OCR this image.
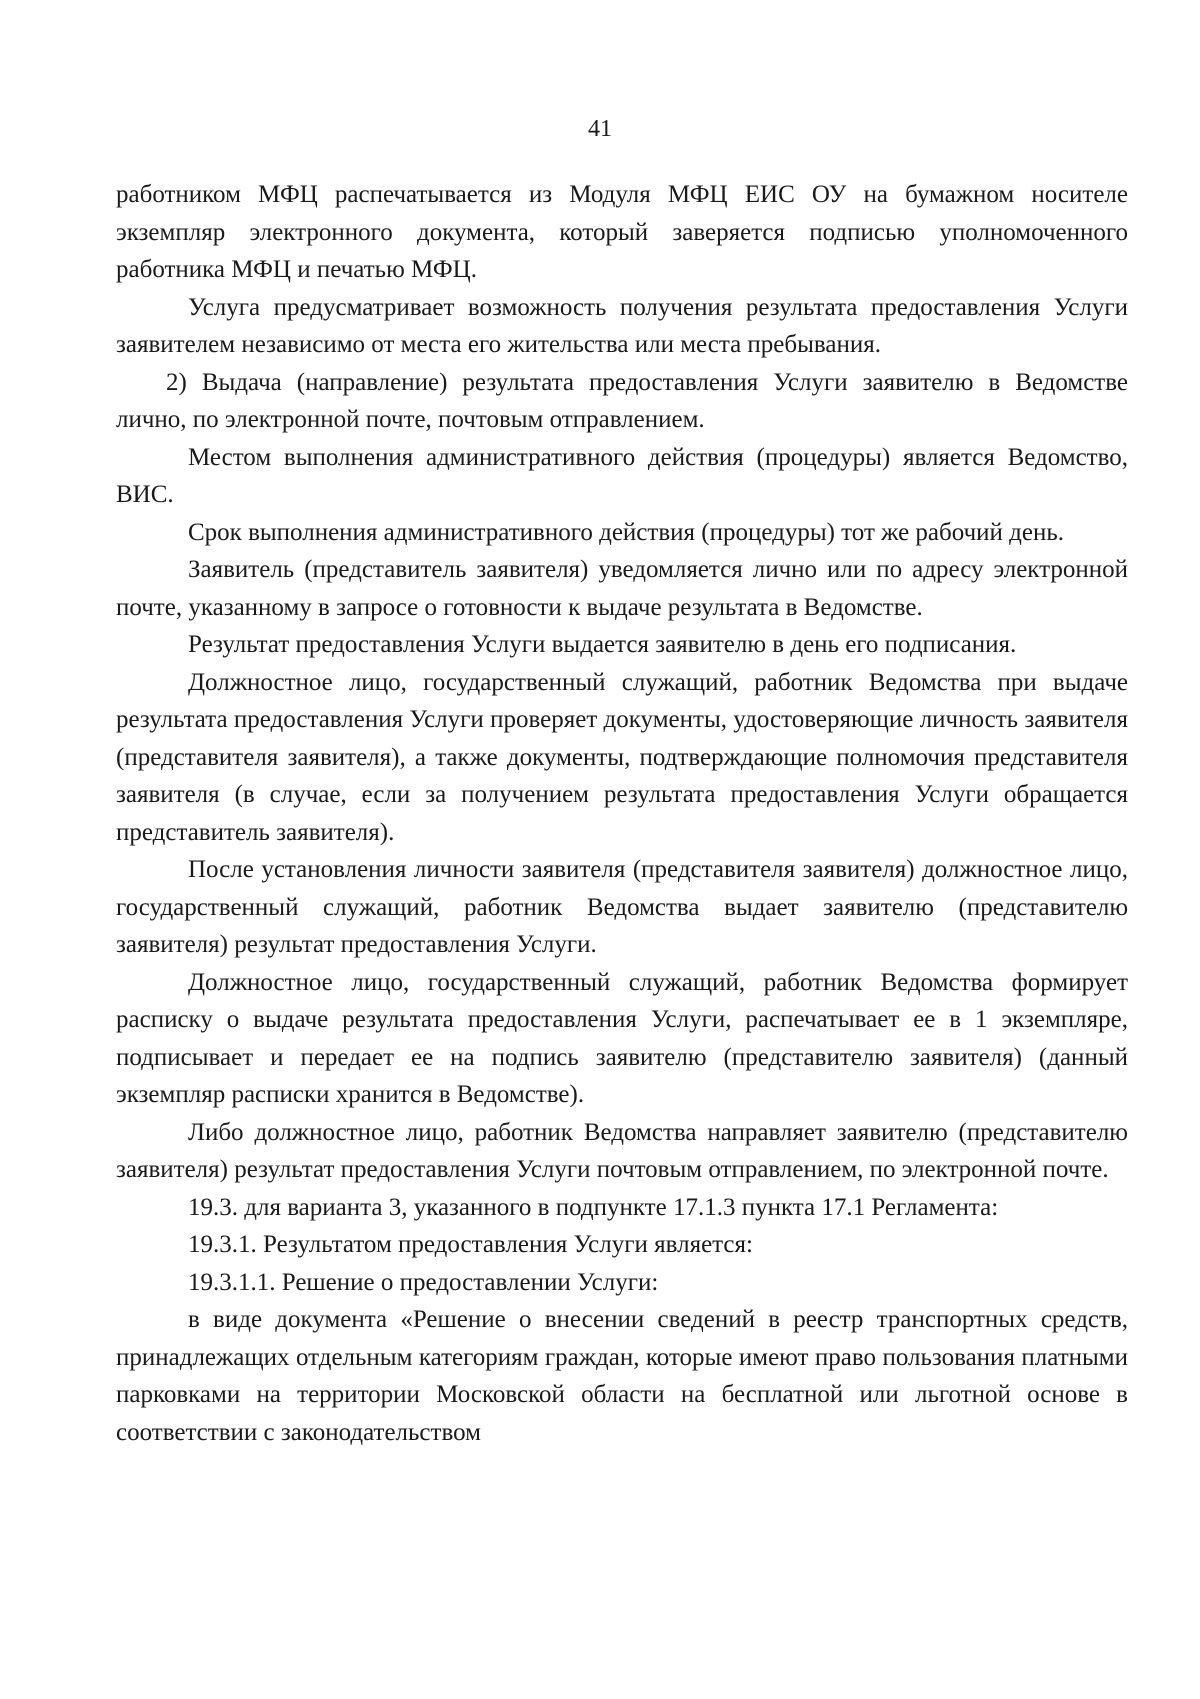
41

работником МФЦ распечатывается из Модуля МФЦ ЕИС ОУ на бумажном носителе экземпляр электронного документа, который заверяется подписью уполномоченного работника МФЦ и печатью МФЦ.

Услуга предусматривает возможность получения результата предоставления Услуги заявителем независимо от места его жительства или места пребывания.

2) Выдача (направление) результата предоставления Услуги заявителю в Ведомстве лично, по электронной почте, почтовым отправлением.

Местом выполнения административного действия (процедуры) является Ведомство, ВИС.

Срок выполнения административного действия (процедуры) тот же рабочий день.

Заявитель (представитель заявителя) уведомляется лично или по адресу электронной почте, указанному в запросе о готовности к выдаче результата в Ведомстве.

Результат предоставления Услуги выдается заявителю в день его подписания.

Должностное лицо, государственный служащий, работник Ведомства при выдаче результата предоставления Услуги проверяет документы, удостоверяющие личность заявителя (представителя заявителя), а также документы, подтверждающие полномочия представителя заявителя (в случае, если за получением результата предоставления Услуги обращается представитель заявителя).

После установления личности заявителя (представителя заявителя) должностное лицо, государственный служащий, работник Ведомства выдает заявителю (представителю заявителя) результат предоставления Услуги.

Должностное лицо, государственный служащий, работник Ведомства формирует расписку о выдаче результата предоставления Услуги, распечатывает ее в 1 экземпляре, подписывает и передает ее на подпись заявителю (представителю заявителя) (данный экземпляр расписки хранится в Ведомстве).

Либо должностное лицо, работник Ведомства направляет заявителю (представителю заявителя) результат предоставления Услуги почтовым отправлением, по электронной почте.

19.3. для варианта 3, указанного в подпункте 17.1.3 пункта 17.1 Регламента:

19.3.1. Результатом предоставления Услуги является:

19.3.1.1. Решение о предоставлении Услуги:

в виде документа «Решение о внесении сведений в реестр транспортных средств, принадлежащих отдельным категориям граждан, которые имеют право пользования платными парковками на территории Московской области на бесплатной или льготной основе в соответствии с законодательством
